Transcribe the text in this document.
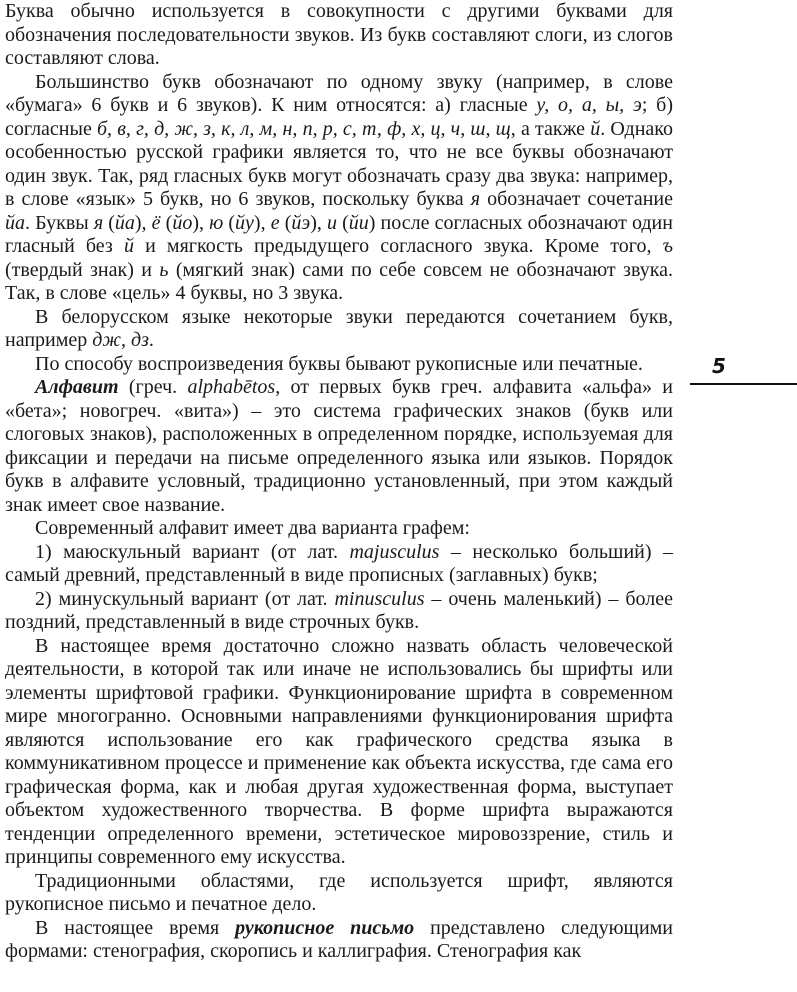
Буква обычно используется в совокупности с другими буквами для обозначения последовательности звуков. Из букв составляют слоги, из слогов составляют слова.

Большинство букв обозначают по одному звуку (например, в слове «бумага» 6 букв и 6 звуков). К ним относятся: а) гласные у, о, а, ы, э; б) согласные б, в, г, д, ж, з, к, л, м, н, п, р, с, т, ф, х, ц, ч, ш, щ, а также й. Однако особенностью русской графики является то, что не все буквы обозначают один звук. Так, ряд гласных букв могут обозначать сразу два звука: например, в слове «язык» 5 букв, но 6 звуков, поскольку буква я обозначает сочетание йа. Буквы я (йа), ё (йо), ю (йу), е (йэ), и (йи) после согласных обозначают один гласный без й и мягкость предыдущего согласного звука. Кроме того, ъ (твердый знак) и ь (мягкий знак) сами по себе совсем не обозначают звука. Так, в слове «цель» 4 буквы, но 3 звука.

В белорусском языке некоторые звуки передаются сочетанием букв, например дж, дз.

По способу воспроизведения буквы бывают рукописные или печатные.

Алфавит (греч. alphabētos, от первых букв греч. алфавита «альфа» и «бета»; новогреч. «вита») – это система графических знаков (букв или слоговых знаков), расположенных в определенном порядке, используемая для фиксации и передачи на письме определенного языка или языков. Порядок букв в алфавите условный, традиционно установленный, при этом каждый знак имеет свое название.

Современный алфавит имеет два варианта графем:

1) маюскульный вариант (от лат. majusculus – несколько больший) – самый древний, представленный в виде прописных (заглавных) букв;

2) минускульный вариант (от лат. minusculus – очень маленький) – более поздний, представленный в виде строчных букв.

В настоящее время достаточно сложно назвать область человеческой деятельности, в которой так или иначе не использовались бы шрифты или элементы шрифтовой графики. Функционирование шрифта в современном мире многогранно. Основными направлениями функционирования шрифта являются использование его как графического средства языка в коммуникативном процессе и применение как объекта искусства, где сама его графическая форма, как и любая другая художественная форма, выступает объектом художественного творчества. В форме шрифта выражаются тенденции определенного времени, эстетическое мировоззрение, стиль и принципы современного ему искусства.

Традиционными областями, где используется шрифт, являются рукописное письмо и печатное дело.

В настоящее время рукописное письмо представлено следующими формами: стенография, скоропись и каллиграфия. Стенография как

5
